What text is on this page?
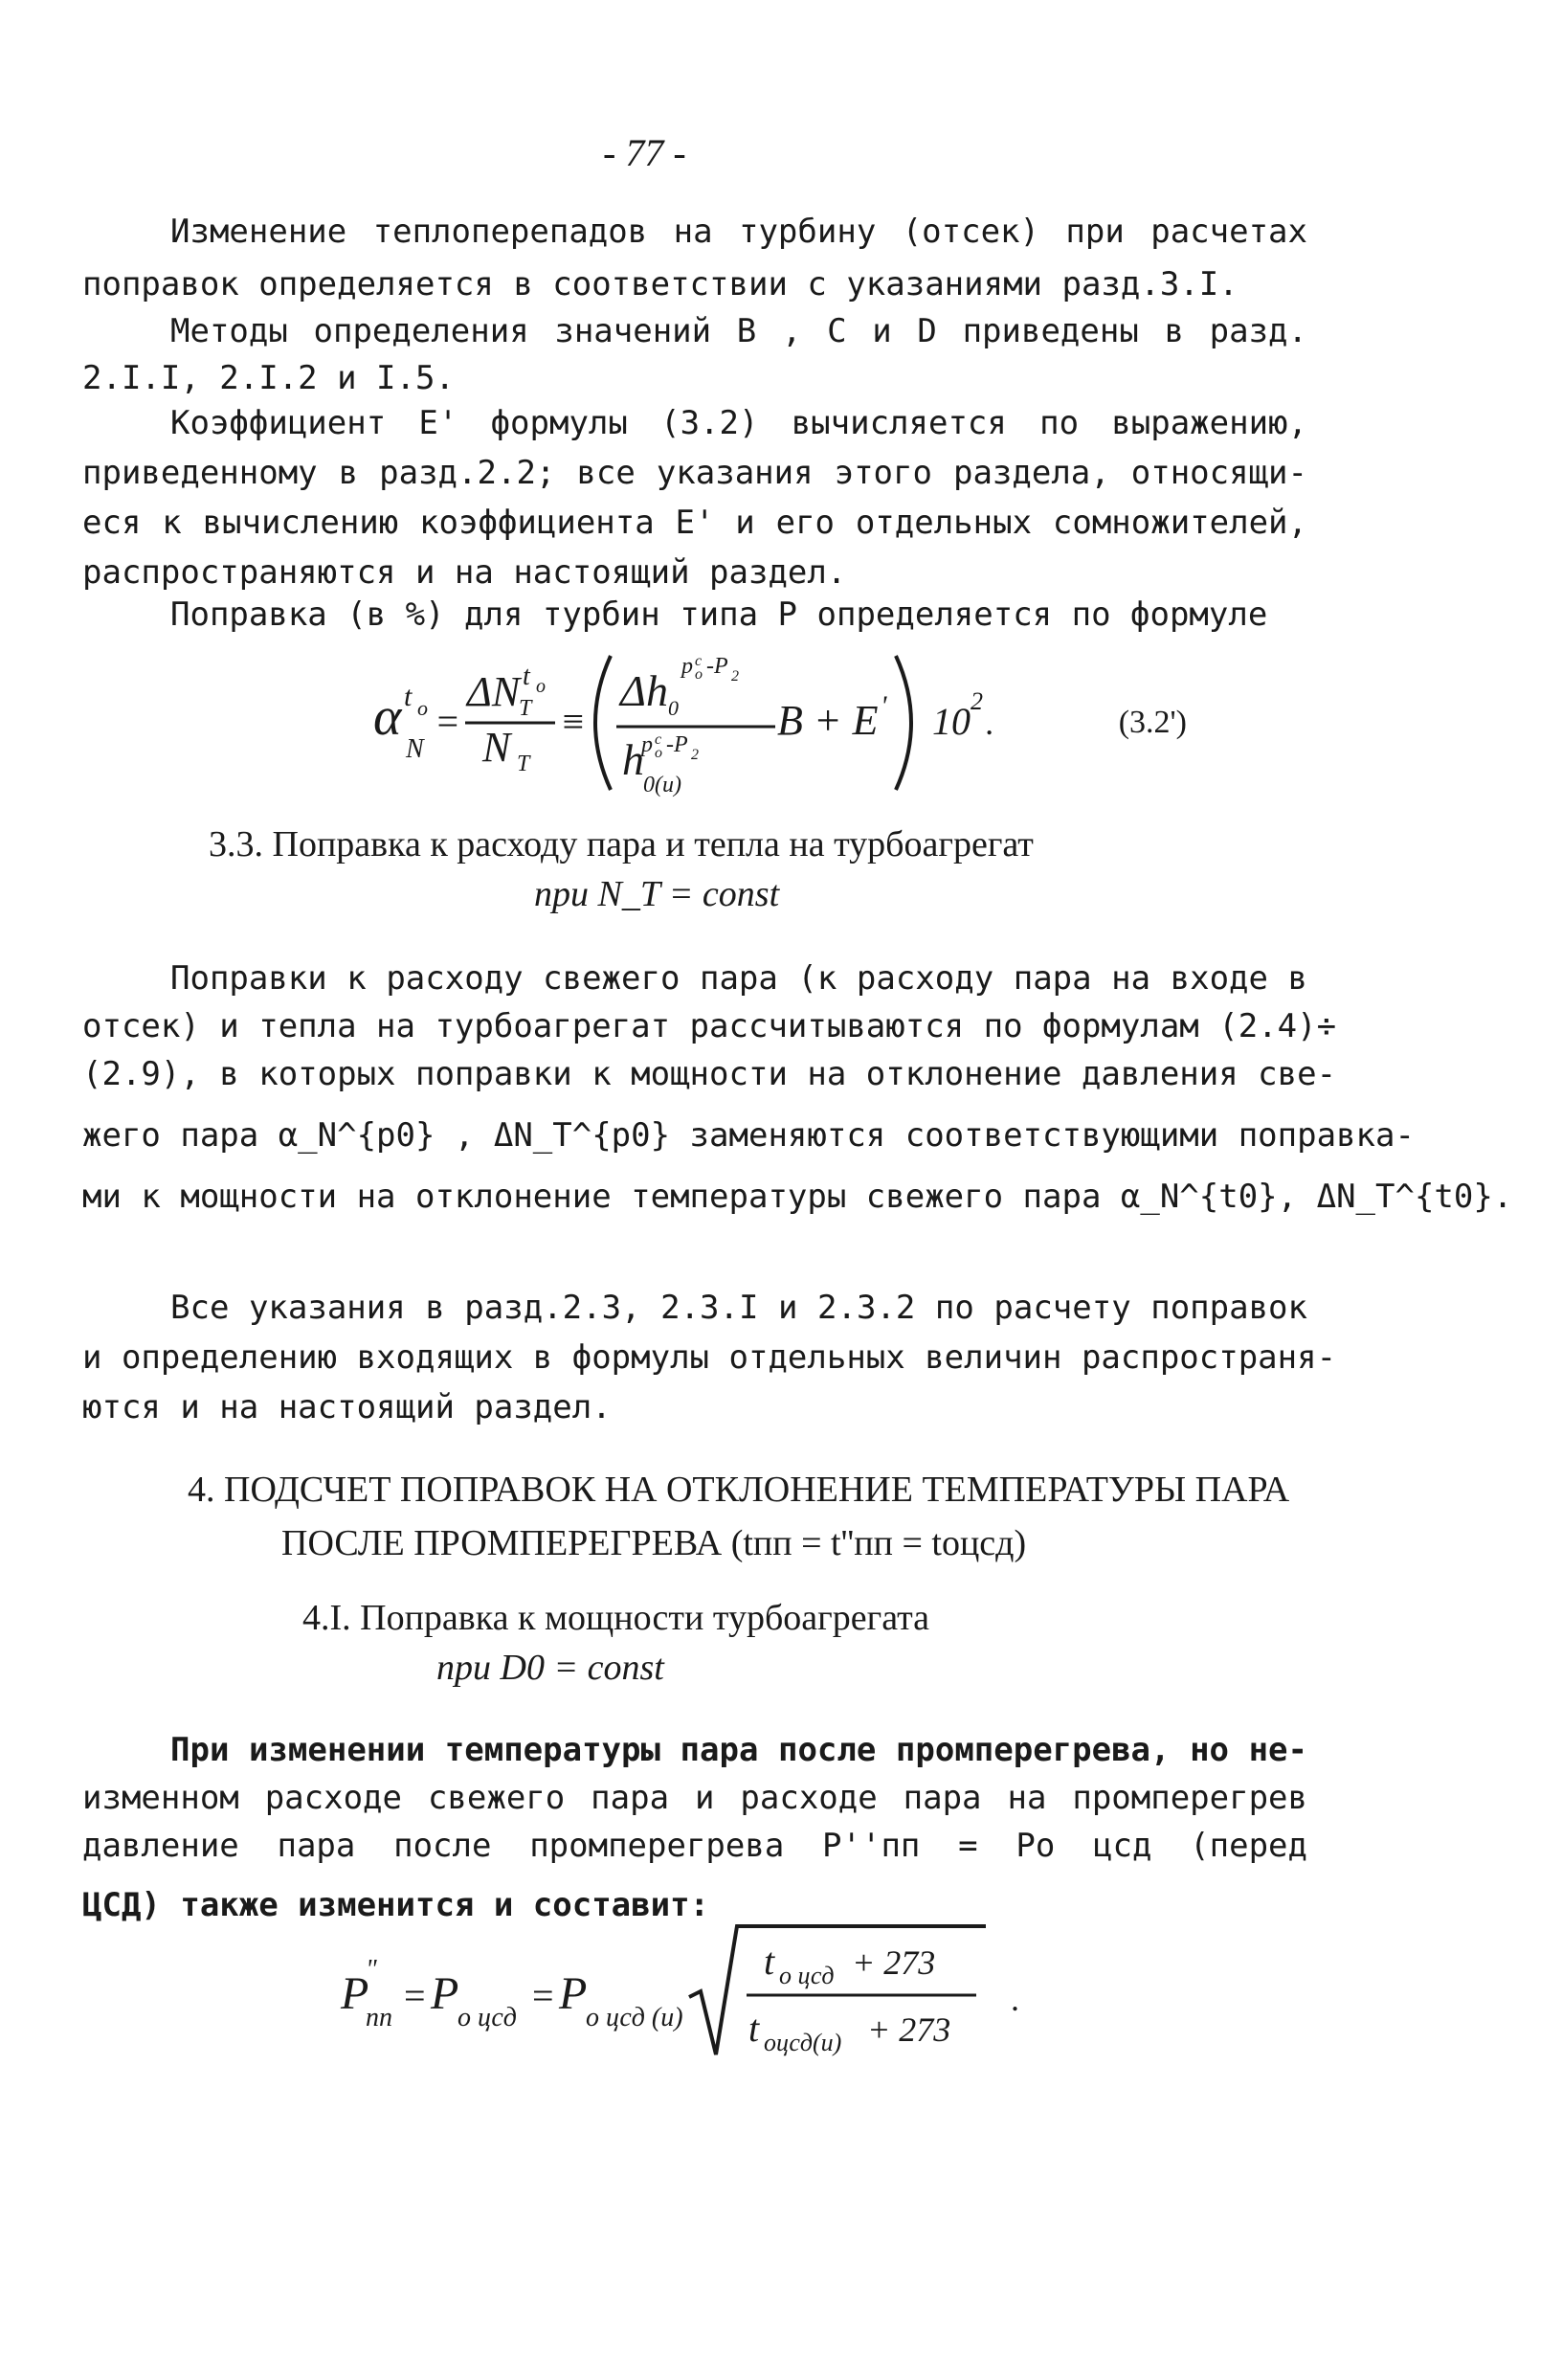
- 77 -
Изменение теплоперепадов на турбину (отсек) при расчетах
поправок определяется в соответствии с указаниями разд.3.I.
Методы определения значений B , C и D приведены в разд.
2.I.I, 2.I.2 и I.5.
Коэффициент E' формулы (3.2) вычисляется по выражению,
приведенному в разд.2.2; все указания этого раздела, относящи-
еся к вычислению коэффициента E' и его отдельных сомножителей,
распространяются и на настоящий раздел.
Поправка (в %) для турбин типа P определяется по формуле
α t o
N
=
ΔN
T
t o
N T
≡
Δh 0
p c
o -P 2
h
p c
o -P 2
0(и)
B + E ' 10 2
.	(3.2')
3.3. Поправка к расходу пара и тепла на турбоагрегат
при N_T = const
Поправки к расходу свежего пара (к расходу пара на входе в
отсек) и тепла на турбоагрегат рассчитываются по формулам (2.4)÷
(2.9), в которых поправки к мощности на отклонение давления све-
жего пара α_N^{p0} , ΔN_T^{p0} заменяются соответствующими поправка-
ми к мощности на отклонение температуры свежего пара α_N^{t0}, ΔN_T^{t0}.
Все указания в разд.2.3, 2.3.I и 2.3.2 по расчету поправок
и определению входящих в формулы отдельных величин распространя-
ются и на настоящий раздел.
4. ПОДСЧЕТ ПОПРАВОК НА ОТКЛОНЕНИЕ ТЕМПЕРАТУРЫ ПАРА
ПОСЛЕ ПРОМПЕРЕГРЕВА (tпп = t''пп = tоцсд)
4.I. Поправка к мощности турбоагрегата
при D0 = const
При изменении температуры пара после промперегрева, но не-
изменном расходе свежего пара и расходе пара на промперегрев
давление пара после промперегрева P''пп = Pо цсд (перед
ЦСД) также изменится и составит:
P
"
пп
= P
o цсд
= P
o цсд (и)
t o цсд + 273
t oцсд(и) + 273
.
